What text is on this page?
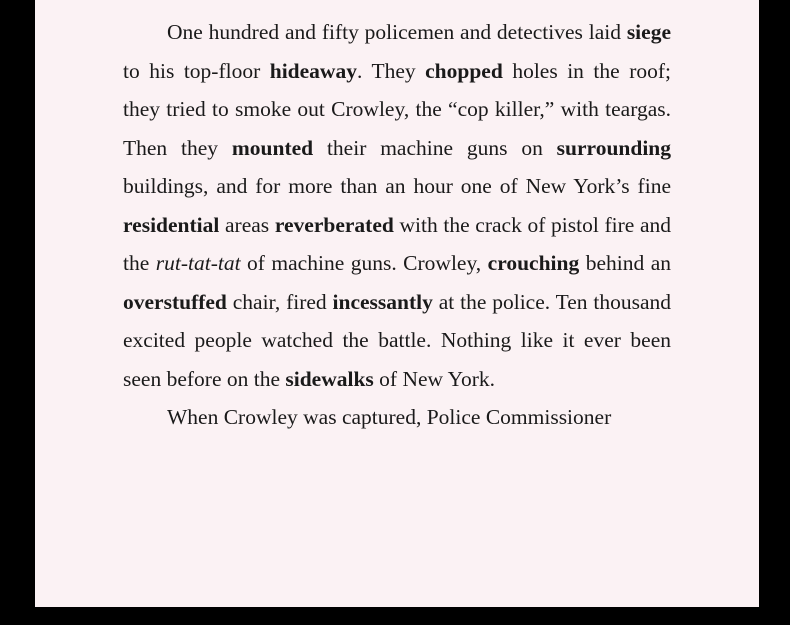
One hundred and fifty policemen and detectives laid siege to his top-floor hideaway. They chopped holes in the roof; they tried to smoke out Crowley, the “cop killer,” with teargas. Then they mounted their machine guns on surrounding buildings, and for more than an hour one of New York’s fine residential areas reverberated with the crack of pistol fire and the rut-tat-tat of machine guns. Crowley, crouching behind an overstuffed chair, fired incessantly at the police. Ten thousand excited people watched the battle. Nothing like it ever been seen before on the sidewalks of New York.

When Crowley was captured, Police Commissioner
